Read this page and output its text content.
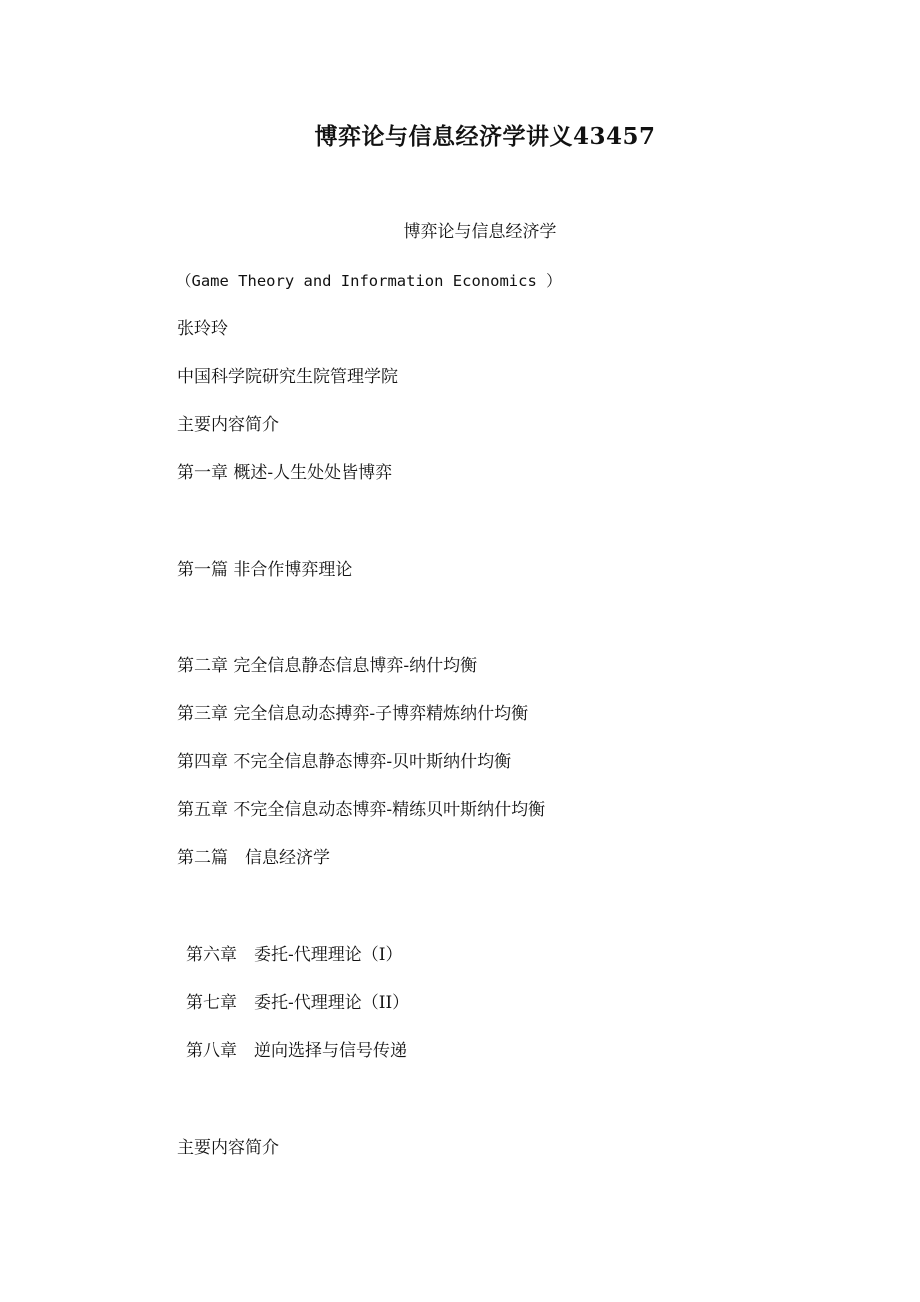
博弈论与信息经济学讲义43457

博弈论与信息经济学

（Game Theory and Information Economics ）

张玲玲

中国科学院研究生院管理学院

主要内容简介

第一章 概述-人生处处皆博弈

第一篇 非合作博弈理论

第二章 完全信息静态信息博弈-纳什均衡

第三章 完全信息动态搏弈-子博弈精炼纳什均衡

第四章 不完全信息静态博弈-贝叶斯纳什均衡

第五章 不完全信息动态博弈-精练贝叶斯纳什均衡

第二篇　信息经济学

第六章　委托-代理理论（I）

第七章　委托-代理理论（II）

第八章　逆向选择与信号传递

主要内容简介
